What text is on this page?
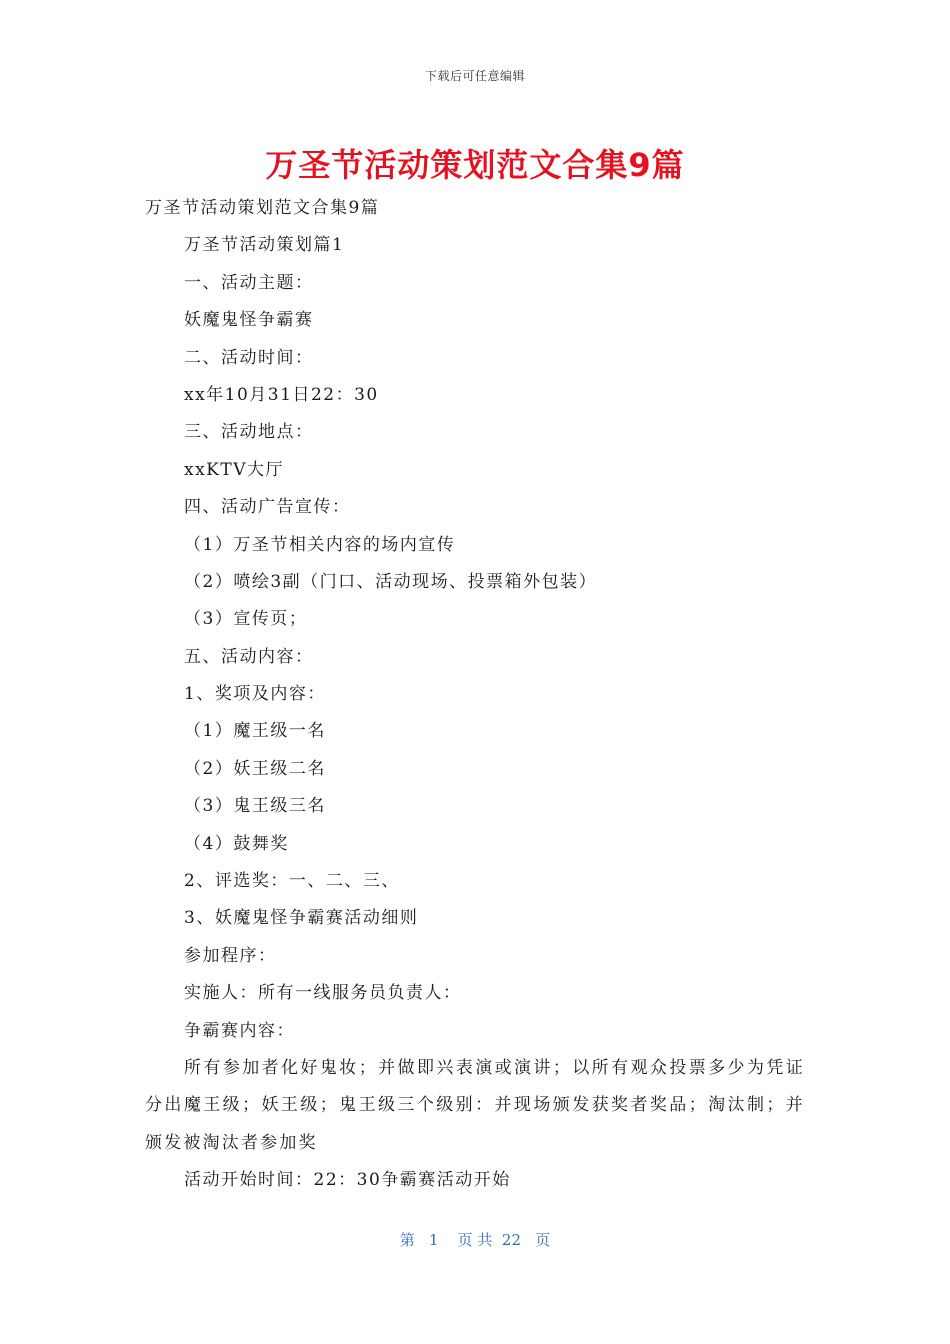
下载后可任意编辑
万圣节活动策划范文合集9篇
万圣节活动策划范文合集9篇
万圣节活动策划篇1
一、活动主题：
妖魔鬼怪争霸赛
二、活动时间：
xx年10月31日22：30
三、活动地点：
xxKTV大厅
四、活动广告宣传：
（1）万圣节相关内容的场内宣传
（2）喷绘3副（门口、活动现场、投票箱外包装）
（3）宣传页；
五、活动内容：
1、奖项及内容：
（1）魔王级一名
（2）妖王级二名
（3）鬼王级三名
（4）鼓舞奖
2、评选奖：一、二、三、
3、妖魔鬼怪争霸赛活动细则
参加程序：
实施人：所有一线服务员负责人：
争霸赛内容：
所有参加者化好鬼妆；并做即兴表演或演讲；以所有观众投票多少为凭证分出魔王级；妖王级；鬼王级三个级别：并现场颁发获奖者奖品；淘汰制；并颁发被淘汰者参加奖
活动开始时间：22：30争霸赛活动开始
第   1    页 共  22   页
